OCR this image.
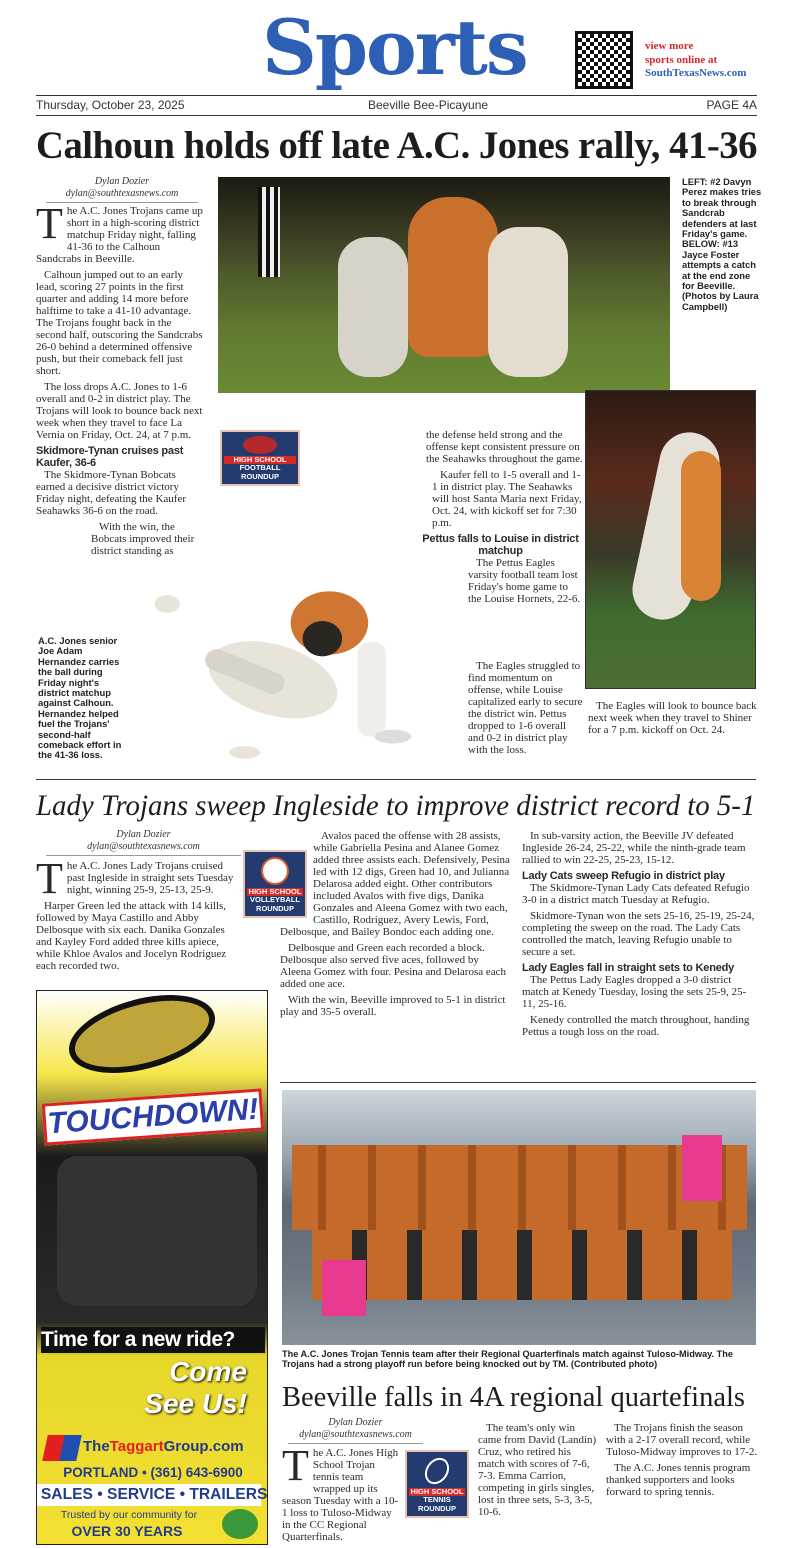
Sports	view more
sports online at
SouthTexasNews.com
Thursday, October 23, 2025	Beeville Bee-Picayune	PAGE 4A
Calhoun holds off late A.C. Jones rally, 41-36
Dylan Dozier
dylan@southtexasnews.com

The A.C. Jones Trojans came up short in a high-scoring district matchup Friday night, falling 41-36 to the Calhoun Sandcrabs in Beeville.

Calhoun jumped out to an early lead, scoring 27 points in the first quarter and adding 14 more before halftime to take a 41-10 advantage. The Trojans fought back in the second half, outscoring the Sandcrabs 26-0 behind a determined offensive push, but their comeback fell just short.

The loss drops A.C. Jones to 1-6 overall and 0-2 in district play. The Trojans will look to bounce back next week when they travel to face La Vernia on Friday, Oct. 24, at 7 p.m.

Skidmore-Tynan cruises past Kaufer, 36-6

The Skidmore-Tynan Bobcats earned a decisive district victory Friday night, defeating the Kaufer Seahawks 36-6 on the road.

With the win, the Bobcats improved their district standing as

LEFT: #2 Davyn Perez makes tries to break through Sandcrab defenders at last Friday's game. BELOW: #13 Jayce Foster attempts a catch at the end zone for Beeville. (Photos by Laura Campbell)
HIGH SCHOOL
FOOTBALL
ROUNDUP

the defense held strong and the offense kept consistent pressure on the Seahawks throughout the game.

Kaufer fell to 1-5 overall and 1-1 in district play. The Seahawks will host Santa Maria next Friday, Oct. 24, with kickoff set for 7:30 p.m.

Pettus falls to Louise in district matchup

The Pettus Eagles varsity football team lost Friday's home game to the Louise Hornets, 22-6.

The Eagles struggled to find momentum on offense, while Louise capitalized early to secure the district win. Pettus dropped to 1-6 overall and 0-2 in district play with the loss.

The Eagles will look to bounce back next week when they travel to Shiner for a 7 p.m. kickoff on Oct. 24.

A.C. Jones senior Joe Adam Hernandez carries the ball during Friday night's district matchup against Calhoun. Hernandez helped fuel the Trojans' second-half comeback effort in the 41-36 loss.
Lady Trojans sweep Ingleside to improve district record to 5-1
Dylan Dozier
dylan@southtexasnews.com

The A.C. Jones Lady Trojans cruised past Ingleside in straight sets Tuesday night, winning 25-9, 25-13, 25-9.

Harper Green led the attack with 14 kills, followed by Maya Castillo and Abby Delbosque with six each. Danika Gonzales and Kayley Ford added three kills apiece, while Khloe Avalos and Jocelyn Rodriguez each recorded two.

HIGH SCHOOL
VOLLEYBALL
ROUNDUP

Avalos paced the offense with 28 assists, while Gabriella Pesina and Alanee Gomez added three assists each. Defensively, Pesina led with 12 digs, Green had 10, and Julianna Delarosa added eight. Other contributors included Avalos with five digs, Danika Gonzales and Aleena Gomez with two each, Castillo, Rodriguez, Avery Lewis, Ford, Delbosque, and Bailey Bondoc each adding one.

Delbosque and Green each recorded a block. Delbosque also served five aces, followed by Aleena Gomez with four. Pesina and Delarosa each added one ace.

With the win, Beeville improved to 5-1 in district play and 35-5 overall.

In sub-varsity action, the Beeville JV defeated Ingleside 26-24, 25-22, while the ninth-grade team rallied to win 22-25, 25-23, 15-12.

Lady Cats sweep Refugio in district play

The Skidmore-Tynan Lady Cats defeated Refugio 3-0 in a district match Tuesday at Refugio.

Skidmore-Tynan won the sets 25-16, 25-19, 25-24, completing the sweep on the road. The Lady Cats controlled the match, leaving Refugio unable to secure a set.

Lady Eagles fall in straight sets to Kenedy

The Pettus Lady Eagles dropped a 3-0 district match at Kenedy Tuesday, losing the sets 25-9, 25-11, 25-16.

Kenedy controlled the match throughout, handing Pettus a tough loss on the road.

TOUCHDOWN!
Time for a new ride?
Come
See Us!
TheTaggartGroup.com
PORTLAND • (361) 643-6900
SALES • SERVICE • TRAILERS
Trusted by our community for
OVER 30 YEARS
The A.C. Jones Trojan Tennis team after their Regional Quarterfinals match against Tuloso-Midway. The Trojans had a strong playoff run before being knocked out by TM. (Contributed photo)
Beeville falls in 4A regional quartefinals
Dylan Dozier
dylan@southtexasnews.com

The A.C. Jones High School Trojan tennis team wrapped up its season Tuesday with a 10-1 loss to Tuloso-Midway in the CC Regional Quarterfinals.

HIGH SCHOOL
TENNIS
ROUNDUP

The team's only win came from David (Landin) Cruz, who retired his match with scores of 7-6, 7-3. Emma Carrion, competing in girls singles, lost in three sets, 5-3, 3-5, 10-6.

The Trojans finish the season with a 2-17 overall record, while Tuloso-Midway improves to 17-2.

The A.C. Jones tennis program thanked supporters and looks forward to spring tennis.
